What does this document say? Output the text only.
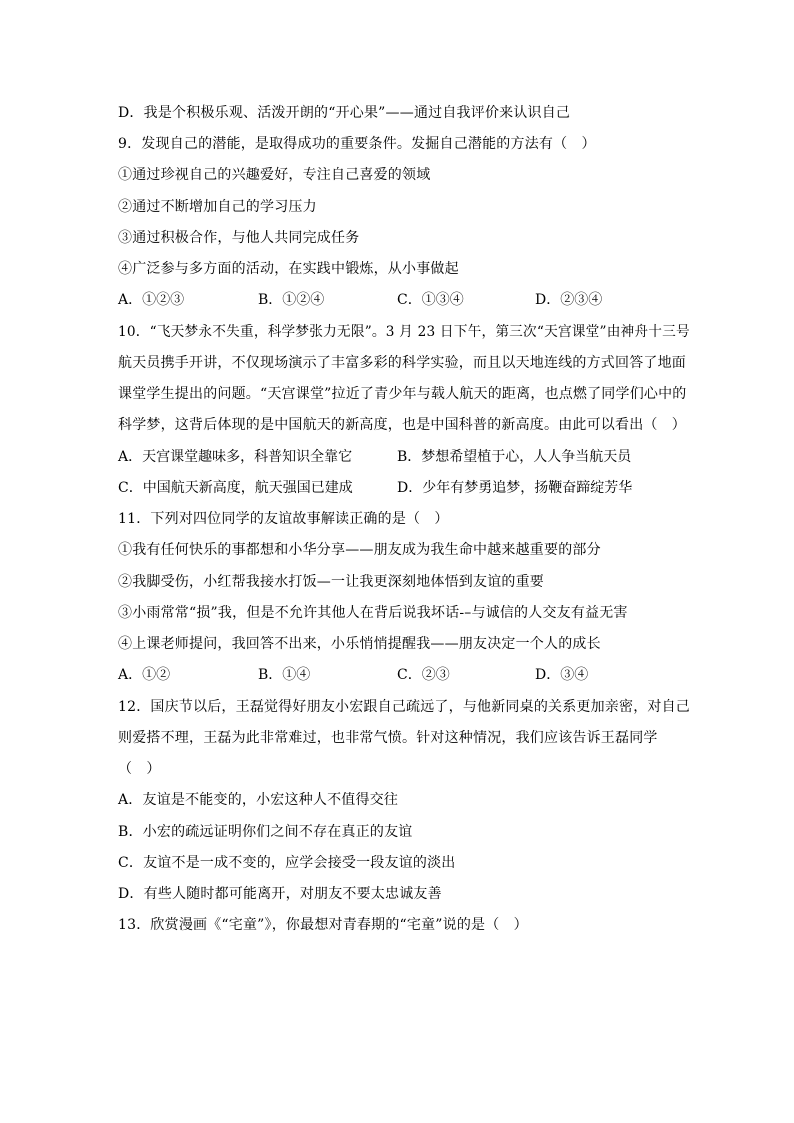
D．我是个积极乐观、活泼开朗的“开心果”——通过自我评价来认识自己
9．发现自己的潜能，是取得成功的重要条件。发掘自己潜能的方法有（　）
①通过珍视自己的兴趣爱好，专注自己喜爱的领域
②通过不断增加自己的学习压力
③通过积极合作，与他人共同完成任务
④广泛参与多方面的活动，在实践中锻炼，从小事做起
A．①②③	B．①②④	C．①③④	D．②③④
10．“飞天梦永不失重，科学梦张力无限”。3 月 23 日下午，第三次“天宫课堂”由神舟十三号
航天员携手开讲，不仅现场演示了丰富多彩的科学实验，而且以天地连线的方式回答了地面
课堂学生提出的问题。“天宫课堂”拉近了青少年与载人航天的距离，也点燃了同学们心中的
科学梦，这背后体现的是中国航天的新高度，也是中国科普的新高度。由此可以看出（　）
A．天宫课堂趣味多，科普知识全靠它	B．梦想希望植于心，人人争当航天员
C．中国航天新高度，航天强国已建成	D．少年有梦勇追梦，扬鞭奋蹄绽芳华
11．下列对四位同学的友谊故事解读正确的是（　）
①我有任何快乐的事都想和小华分享——朋友成为我生命中越来越重要的部分
②我脚受伤，小红帮我接水打饭—一让我更深刻地体悟到友谊的重要
③小雨常常“损”我，但是不允许其他人在背后说我坏话-–与诚信的人交友有益无害
④上课老师提问，我回答不出来，小乐悄悄提醒我——朋友决定一个人的成长
A．①②	B．①④	C．②③	D．③④
12．国庆节以后，王磊觉得好朋友小宏跟自己疏远了，与他新同桌的关系更加亲密，对自己
则爱搭不理，王磊为此非常难过，也非常气愤。针对这种情况，我们应该告诉王磊同学
（　）
A．友谊是不能变的，小宏这种人不值得交往
B．小宏的疏远证明你们之间不存在真正的友谊
C．友谊不是一成不变的，应学会接受一段友谊的淡出
D．有些人随时都可能离开，对朋友不要太忠诚友善
13．欣赏漫画《“宅童”》，你最想对青春期的“宅童”说的是（　）
